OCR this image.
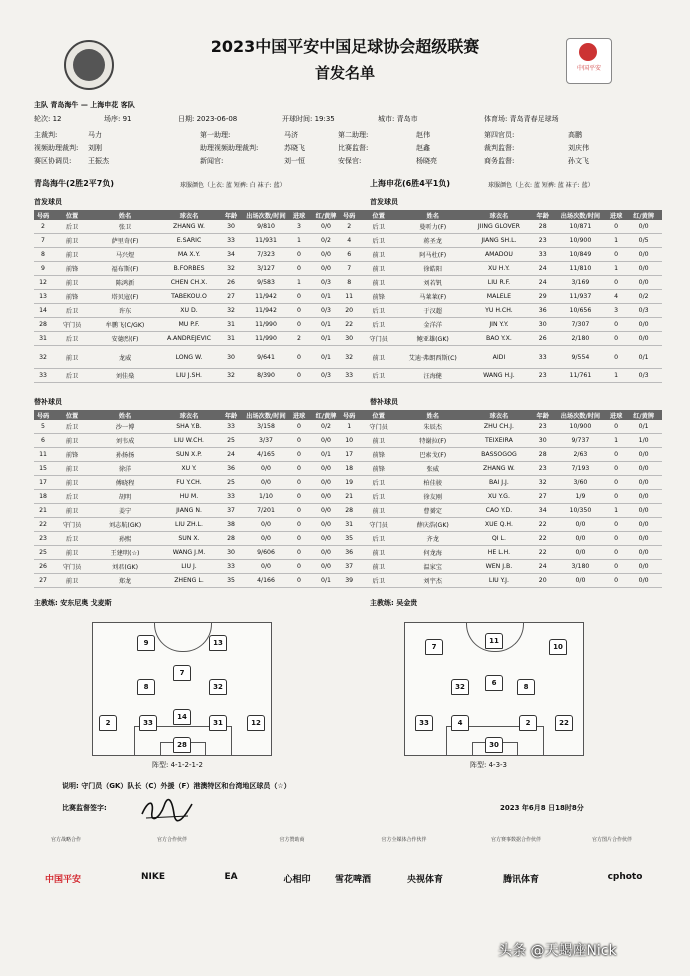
中国平安
2023中国平安中国足球协会超级联赛
首发名单
主队 青岛海牛 — 上海申花 客队
轮次: 12	场序: 91	日期: 2023-06-08	开球时间: 19:35	城市: 青岛市	体育场: 青岛青春足球场
主裁判:	马力	第一助理:	马济	第二助理:	赵伟	第四官员:	高鹏
视频助理裁判: 刘刚	助理视频助理裁判:	苏晓飞	比赛监督:	赵鑫	裁判监督:	刘庆伟
赛区协调员: 王振杰	新闻官:	刘一恒	安保官:	杨晓亮	商务监督:	孙文飞
青岛海牛(2胜2平7负)	球服颜色（上衣: 蓝 短裤: 白 袜子: 蓝）	上海申花(6胜4平1负)	球服颜色（上衣: 蓝 短裤: 蓝 袜子: 蓝）
首发球员	首发球员
号码	位置	姓名	球衣名	年龄	出场次数/时间	进球	红/黄牌
2	后卫	张卫	ZHANG W.	30	9/810	3	0/0
7	前卫	萨里奇(F)	E.SARIC	33	11/931	1	0/2
8	前卫	马兴煜	MA X.Y.	34	7/323	0	0/0
9	前锋	福布斯(F)	B.FORBES	32	3/127	0	0/0
12	前卫	陈鸿新	CHEN CH.X.	26	9/583	1	0/3
13	前锋	塔贝寇(F)	TABEKOU.O	27	11/942	0	0/1
14	后卫	许东	XU D.	32	11/942	0	0/3
28	守门员	牟鹏飞(C/GK)	MU P.F.	31	11/990	0	0/1
31	后卫	安德烈(F)	A.ANDREJEVIC	31	11/990	2	0/1
32	前卫	龙威	LONG W.	30	9/641	0	0/1
33	后卫	刘佳燊	LIU J.SH.	32	8/390	0	0/3
号码	位置	姓名	球衣名	年龄	出场次数/时间	进球	红/黄牌
2	后卫	曼听力(F)	JIING GLOVER	28	10/871	0	0/0
4	后卫	蒋圣龙	JIANG SH.L.	23	10/900	1	0/5
6	前卫	阿马杜(F)	AMADOU	33	10/849	0	0/0
7	前卫	徐皓阳	XU H.Y.	24	11/810	1	0/0
8	前卫	刘若钒	LIU R.F.	24	3/169	0	0/0
11	前锋	马莱莱(F)	MALELE	29	11/937	4	0/2
20	后卫	于汉超	YU H.CH.	36	10/656	3	0/3
22	后卫	金洋洋	JIN Y.Y.	30	7/307	0	0/0
30	守门员	鲍亚雄(GK)	BAO Y.X.	26	2/180	0	0/0
32	前卫	艾迪·弗朗西斯(C)	AIDI	33	9/554	0	0/1
33	后卫	汪海健	WANG H.J.	23	11/761	1	0/3
替补球员	替补球员
号码	位置	姓名	球衣名	年龄	出场次数/时间	进球	红/黄牌
5	后卫	沙一博	SHA Y.B.	33	3/158	0	0/2
6	前卫	刘韦成	LIU W.CH.	25	3/37	0	0/0
11	前锋	孙扬扬	SUN X.P.	24	4/165	0	0/1
15	前卫	徐洋	XU Y.	36	0/0	0	0/0
17	前卫	傅晓程	FU Y.CH.	25	0/0	0	0/0
18	后卫	胡明	HU M.	33	1/10	0	0/0
21	前卫	姜宁	JIANG N.	37	7/201	0	0/0
22	守门员	刘志航(GK)	LIU ZH.L.	38	0/0	0	0/0
23	后卫	孙熙	SUN X.	28	0/0	0	0/0
25	前卫	王建明(☆)	WANG J.M.	30	9/606	0	0/0
26	守门员	刘君(GK)	LIU J.	33	0/0	0	0/0
27	前卫	郑龙	ZHENG L.	35	4/166	0	0/1
号码	位置	姓名	球衣名	年龄	出场次数/时间	进球	红/黄牌
1	守门员	朱辰杰	ZHU CH.J.	23	10/900	0	0/1
10	前卫	特谢拉(F)	TEIXEIRA	30	9/737	1	1/0
17	前锋	巴索戈(F)	BASSOGOG	28	2/63	0	0/0
18	前锋	张威	ZHANG W.	23	7/193	0	0/0
19	后卫	柏佳骏	BAI J.J.	32	3/60	0	0/0
21	后卫	徐友刚	XU Y.G.	27	1/9	0	0/0
28	前卫	曹赟定	CAO Y.D.	34	10/350	1	0/0
31	守门员	薛庆浩(GK)	XUE Q.H.	22	0/0	0	0/0
35	后卫	齐龙	QI L.	22	0/0	0	0/0
36	前卫	何龙海	HE L.H.	22	0/0	0	0/0
37	前卫	温家宝	WEN J.B.	24	3/180	0	0/0
39	后卫	刘宇杰	LIU Y.J.	20	0/0	0	0/0
主教练: 安东尼奥 戈麦斯	主教练: 吴金贵
9	13
7
8	32
12
2	33	31
14
28
7
11
10
32	6	8
33	4	2	22
30
阵型: 4-1-2-1-2	阵型: 4-3-3
说明: 守门员（GK）队长（C）外援（F）港澳特区和台湾地区球员（☆）
比赛监督签字:	2023 年6月8 日18时8分
官方战略合作	官方合作伙伴	官方赞助商	官方全媒体合作伙伴	官方赛事数据合作伙伴	官方图片合作伙伴
中国平安	NIKE	EA	心相印	雪花啤酒	央视体育	腾讯体育	cphoto
头条 @天蝎座Nick
